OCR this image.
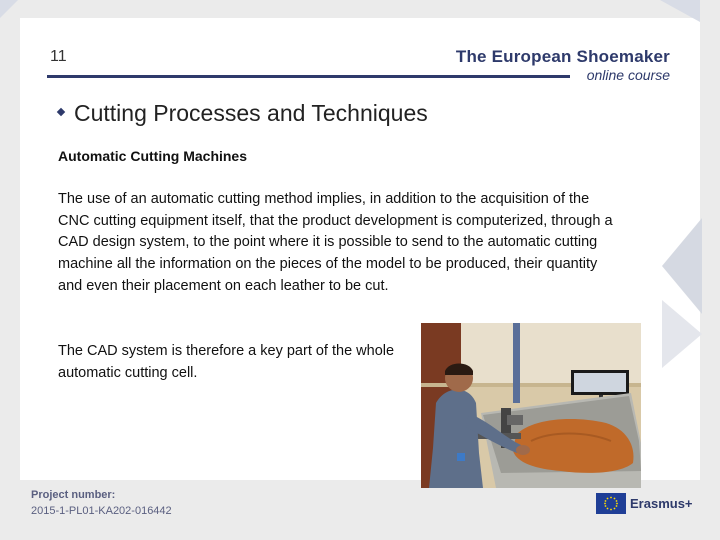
11	The European Shoemaker
online course
Cutting Processes and Techniques
Automatic Cutting Machines

The use of an automatic cutting method implies, in addition to the acquisition of the CNC cutting equipment itself, that the product development is computerized, through a CAD design system, to the point where it is possible to send to the automatic cutting machine all the information on the pieces of the model to be produced, their quantity and even their placement on each leather to be cut.

The CAD system is therefore a key part of the whole automatic cutting cell.

Project number:
2015-1-PL01-KA202-016442	Erasmus+
